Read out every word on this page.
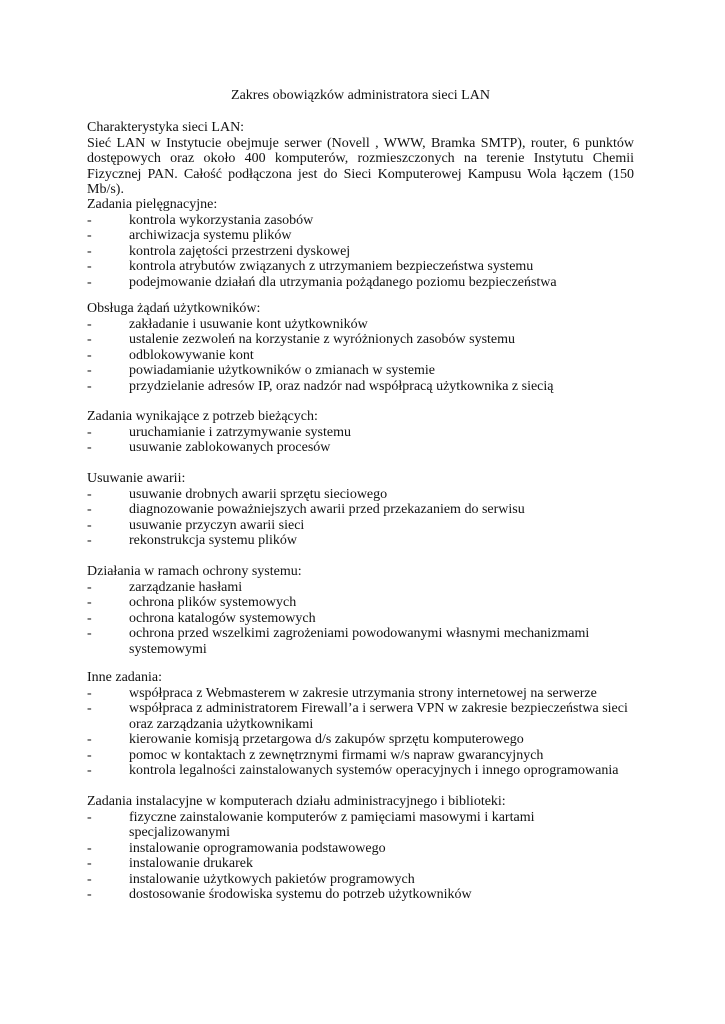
Zakres obowiązków administratora sieci LAN
Charakterystyka sieci LAN:
Sieć LAN w Instytucie obejmuje serwer (Novell , WWW, Bramka SMTP), router, 6 punktów dostępowych oraz około 400 komputerów, rozmieszczonych na terenie Instytutu Chemii Fizycznej PAN. Całość podłączona jest do Sieci Komputerowej Kampusu Wola łączem (150 Mb/s).
Zadania pielęgnacyjne:
-	kontrola wykorzystania zasobów
-	archiwizacja systemu plików
-	kontrola zajętości przestrzeni dyskowej
-	kontrola atrybutów związanych z utrzymaniem bezpieczeństwa systemu
-	podejmowanie działań dla utrzymania pożądanego poziomu bezpieczeństwa
Obsługa żądań użytkowników:
-	zakładanie i usuwanie kont użytkowników
-	ustalenie zezwoleń na korzystanie z wyróżnionych zasobów systemu
-	odblokowywanie kont
-	powiadamianie użytkowników o zmianach w systemie
-	przydzielanie adresów IP, oraz nadzór nad współpracą użytkownika z siecią
Zadania wynikające z potrzeb bieżących:
-	uruchamianie i zatrzymywanie systemu
-	usuwanie zablokowanych procesów
Usuwanie awarii:
-	usuwanie drobnych awarii sprzętu sieciowego
-	diagnozowanie poważniejszych awarii przed przekazaniem do serwisu
-	usuwanie przyczyn awarii sieci
-	rekonstrukcja systemu plików
Działania w ramach ochrony systemu:
-	zarządzanie hasłami
-	ochrona plików systemowych
-	ochrona katalogów systemowych
-	ochrona przed wszelkimi zagrożeniami powodowanymi własnymi mechanizmami systemowymi
Inne zadania:
-	współpraca z Webmasterem w zakresie utrzymania strony internetowej na serwerze
-	współpraca z administratorem Firewall’a i serwera VPN w zakresie bezpieczeństwa sieci oraz zarządzania użytkownikami
-	kierowanie komisją przetargowa d/s zakupów sprzętu komputerowego
-	pomoc w kontaktach z zewnętrznymi firmami w/s napraw gwarancyjnych
-	kontrola legalności zainstalowanych systemów operacyjnych i innego oprogramowania
Zadania instalacyjne w komputerach działu administracyjnego i biblioteki:
-	fizyczne zainstalowanie komputerów z pamięciami masowymi i kartami specjalizowanymi
-	instalowanie oprogramowania podstawowego
-	instalowanie drukarek
-	instalowanie użytkowych pakietów programowych
-	dostosowanie środowiska systemu do potrzeb użytkowników
